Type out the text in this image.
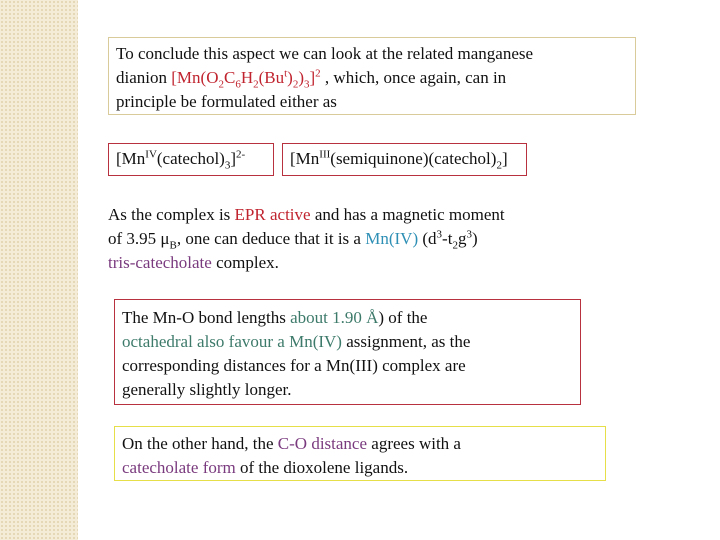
To conclude this aspect we can look at the related manganese
dianion $[Mn(O_2C_6H_2(Bu^t)_2)_3]^2$ , which, once again, can in
principle be formulated either as
$[Mn^{IV}(catechol)_3]^{2-}$	$[Mn^{III}(semiquinone)(catechol)_2]$
As the complex is EPR active and has a magnetic moment
of 3.95 $\mu_B$, one can deduce that it is a Mn(IV) $(d^3-t_2g^3)$
tris-catecholate complex.
The Mn-O bond lengths about 1.90 Å) of the
octahedral also favour a Mn(IV) assignment, as the
corresponding distances for a Mn(III) complex are
generally slightly longer.
On the other hand, the C-O distance agrees with a
catecholate form of the dioxolene ligands.
